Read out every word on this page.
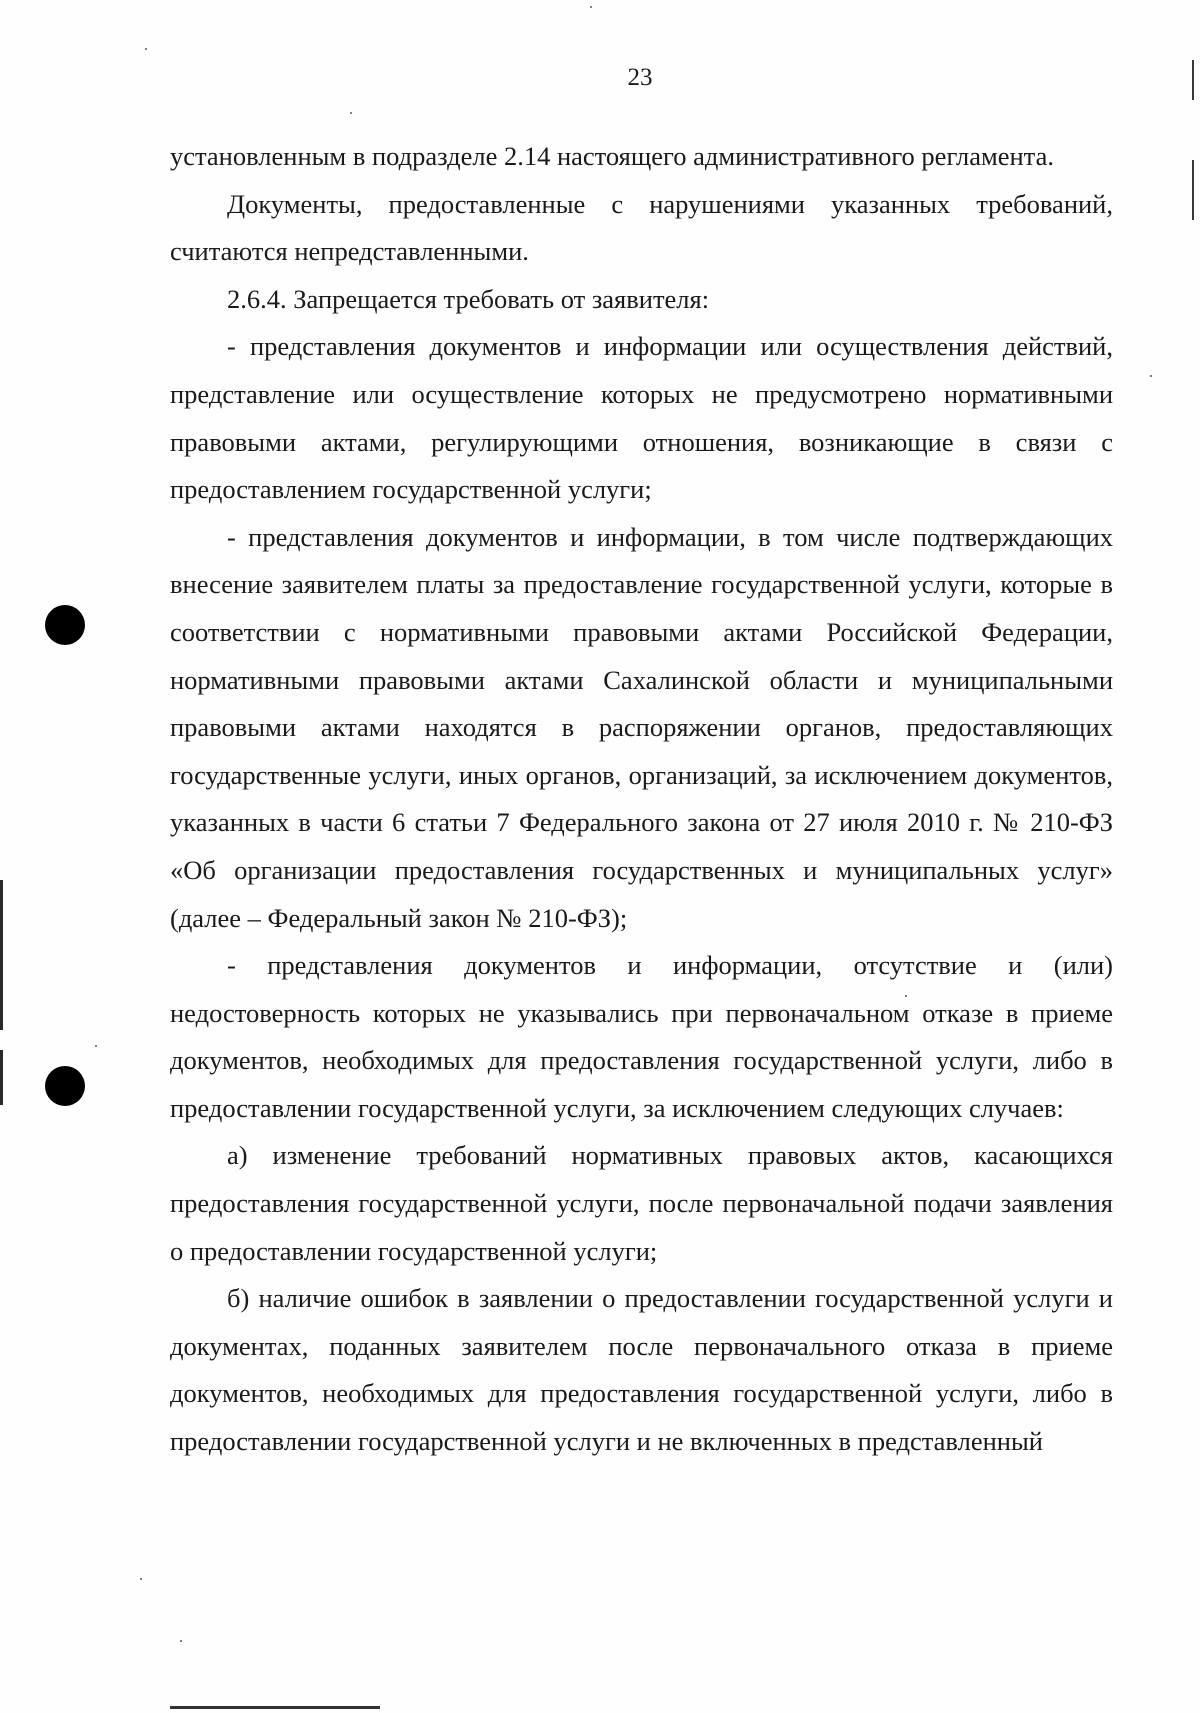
23

установленным в подразделе 2.14 настоящего административного регламента.

Документы, предоставленные с нарушениями указанных требований, считаются непредставленными.

2.6.4. Запрещается требовать от заявителя:

- представления документов и информации или осуществления действий, представление или осуществление которых не предусмотрено нормативными правовыми актами, регулирующими отношения, возникающие в связи с предоставлением государственной услуги;

- представления документов и информации, в том числе подтверждающих внесение заявителем платы за предоставление государственной услуги, которые в соответствии с нормативными правовыми актами Российской Федерации, нормативными правовыми актами Сахалинской области и муниципальными правовыми актами находятся в распоряжении органов, предоставляющих государственные услуги, иных органов, организаций, за исключением документов, указанных в части 6 статьи 7 Федерального закона от 27 июля 2010 г. № 210-ФЗ «Об организации предоставления государственных и муниципальных услуг» (далее – Федеральный закон № 210-ФЗ);

- представления документов и информации, отсутствие и (или) недостоверность которых не указывались при первоначальном отказе в приеме документов, необходимых для предоставления государственной услуги, либо в предоставлении государственной услуги, за исключением следующих случаев:

а) изменение требований нормативных правовых актов, касающихся предоставления государственной услуги, после первоначальной подачи заявления о предоставлении государственной услуги;

б) наличие ошибок в заявлении о предоставлении государственной услуги и документах, поданных заявителем после первоначального отказа в приеме документов, необходимых для предоставления государственной услуги, либо в предоставлении государственной услуги и не включенных в представленный
